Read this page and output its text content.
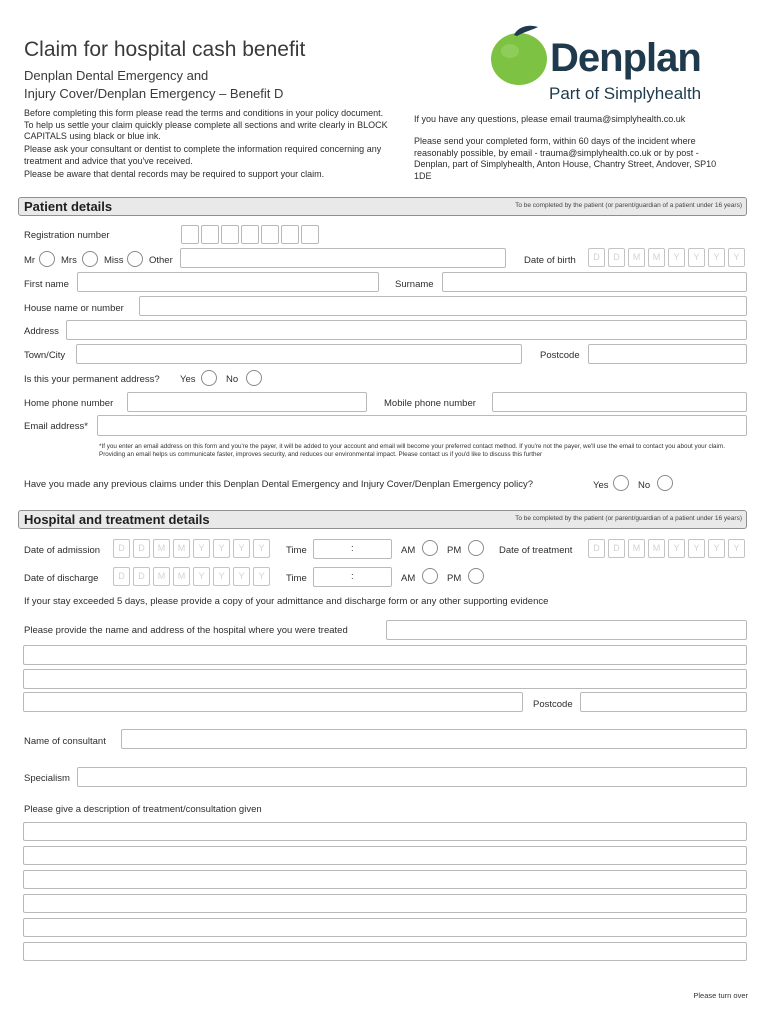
Claim for hospital cash benefit
Denplan Dental Emergency and
Injury Cover/Denplan Emergency – Benefit D
Before completing this form please read the terms and conditions in your policy document. To help us settle your claim quickly please complete all sections and write clearly in BLOCK CAPITALS using black or blue ink.
Please ask your consultant or dentist to complete the information required concerning any treatment and advice that you've received.
Please be aware that dental records may be required to support your claim.
If you have any questions, please email trauma@simplyhealth.co.uk
Please send your completed form, within 60 days of the incident where reasonably possible, by email - trauma@simplyhealth.co.uk or by post - Denplan, part of Simplyhealth, Anton House, Chantry Street, Andover, SP10 1DE
Denplan
Part of Simplyhealth
Patient details	To be completed by the patient (or parent/guardian of a patient under 16 years)
Registration number
Mr	Mrs	Miss	Other	Date of birth	D	D	M	M	Y	Y	Y	Y
First name	Surname
House name or number
Address
Town/City	Postcode
Is this your permanent address? Yes	No
Home phone number	Mobile phone number
Email address*
*If you enter an email address on this form and you're the payer, it will be added to your account and email will become your preferred contact method. If you're not the payer, we'll use the email to contact you about your claim. Providing an email helps us communicate faster, improves security, and reduces our environmental impact. Please contact us if you'd like to discuss this further
Have you made any previous claims under this Denplan Dental Emergency and Injury Cover/Denplan Emergency policy?	Yes	No
Hospital and treatment details	To be completed by the patient (or parent/guardian of a patient under 16 years)
Date of admission	D	D	M	M	Y	Y	Y	Y	Time	:	AM	PM	Date of treatment	D	D	M	M	Y	Y	Y	Y
Date of discharge	D	D	M	M	Y	Y	Y	Y	Time	:	AM	PM
If your stay exceeded 5 days, please provide a copy of your admittance and discharge form or any other supporting evidence
Please provide the name and address of the hospital where you were treated
Postcode
Name of consultant
Specialism
Please give a description of treatment/consultation given
Please turn over
